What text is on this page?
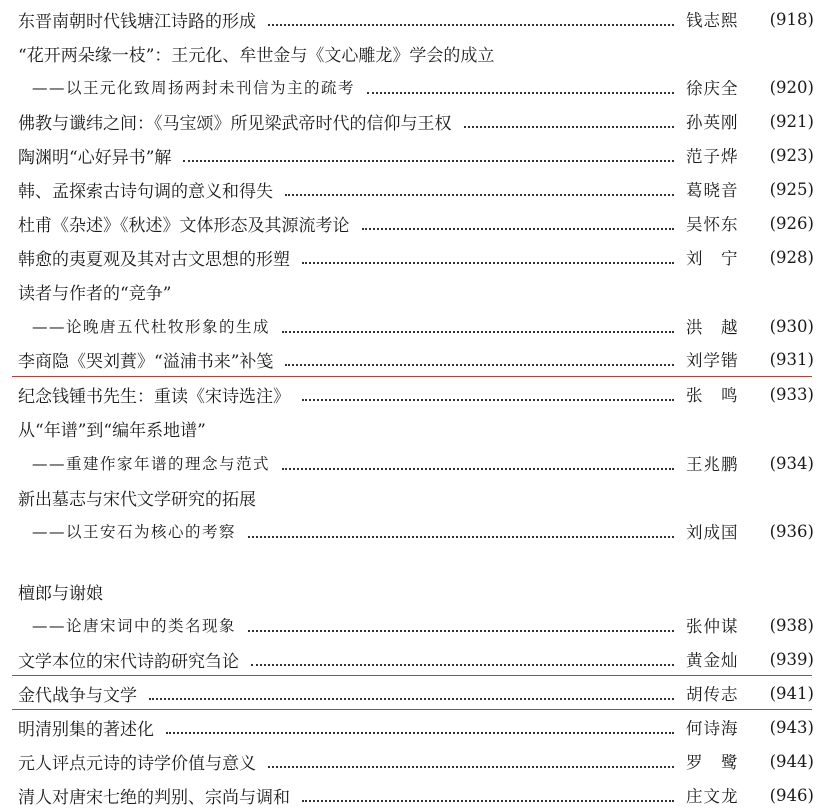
东晋南朝时代钱塘江诗路的形成	钱志熙	(918)
“花开两朵缘一枝”：王元化、牟世金与《文心雕龙》学会的成立
——以王元化致周扬两封未刊信为主的疏考	徐庆全	(920)
佛教与谶纬之间：《马宝颂》所见梁武帝时代的信仰与王权	孙英刚	(921)
陶渊明“心好异书”解	范子烨	(923)
韩、孟探索古诗句调的意义和得失	葛晓音	(925)
杜甫《杂述》《秋述》文体形态及其源流考论	吴怀东	(926)
韩愈的夷夏观及其对古文思想的形塑	刘　宁	(928)
读者与作者的“竞争”
——论晚唐五代杜牧形象的生成	洪　越	(930)
李商隐《哭刘蕡》“溢浦书来”补笺	刘学锴	(931)
纪念钱锺书先生：重读《宋诗选注》	张　鸣	(933)
从“年谱”到“编年系地谱”
——重建作家年谱的理念与范式	王兆鹏	(934)
新出墓志与宋代文学研究的拓展
——以王安石为核心的考察	刘成国	(936)
檀郎与谢娘
——论唐宋词中的类名现象	张仲谋	(938)
文学本位的宋代诗韵研究刍论	黄金灿	(939)
金代战争与文学	胡传志	(941)
明清别集的著述化	何诗海	(943)
元人评点元诗的诗学价值与意义	罗　鹭	(944)
清人对唐宋七绝的判别、宗尚与调和	庄文龙	(946)
